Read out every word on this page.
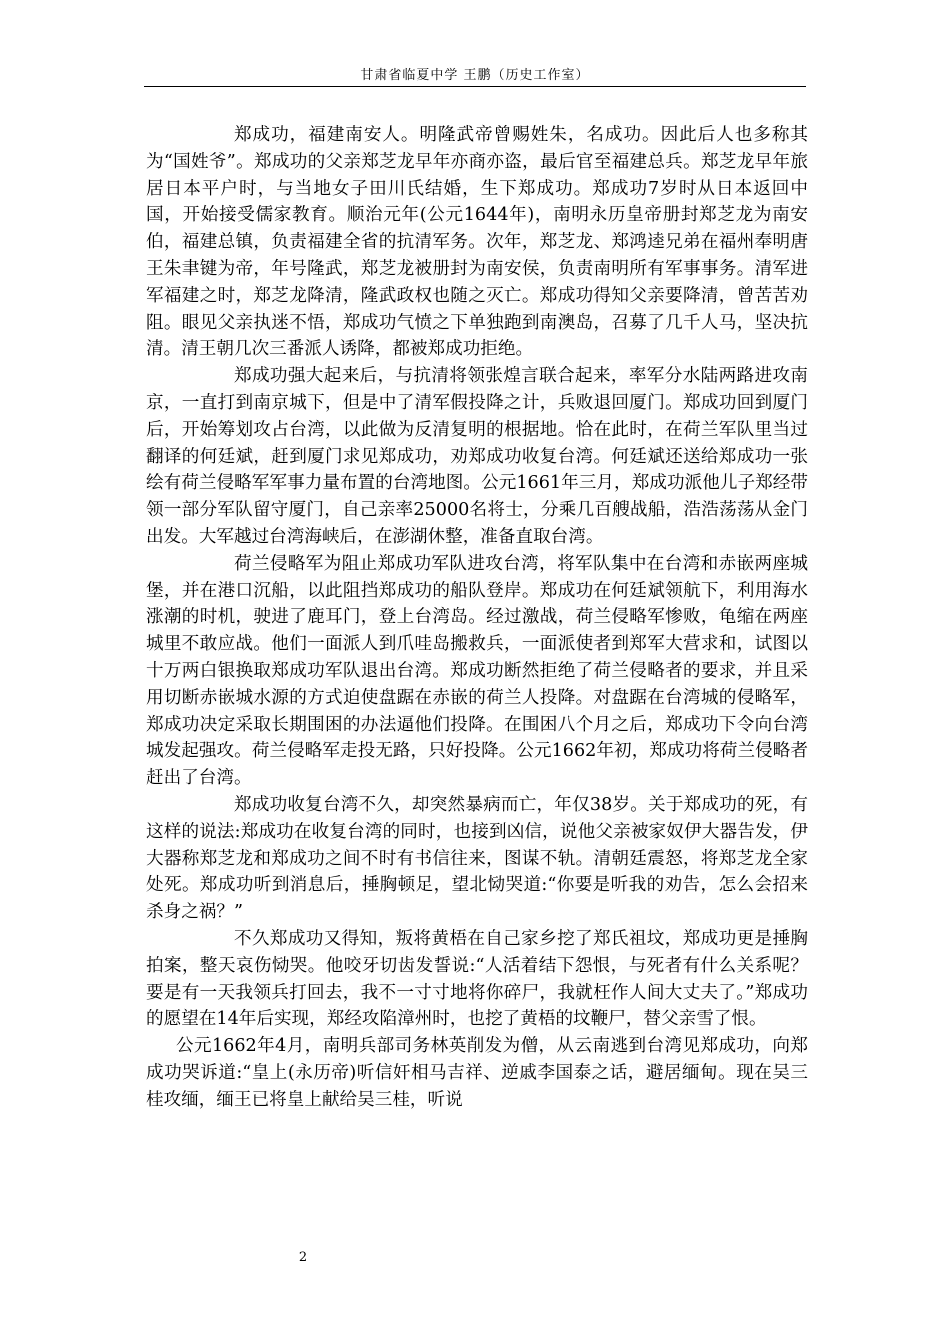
甘肃省临夏中学 王鹏（历史工作室）

郑成功，福建南安人。明隆武帝曾赐姓朱，名成功。因此后人也多称其为“国姓爷”。郑成功的父亲郑芝龙早年亦商亦盗，最后官至福建总兵。郑芝龙早年旅居日本平户时，与当地女子田川氏结婚，生下郑成功。郑成功7岁时从日本返回中国，开始接受儒家教育。顺治元年(公元1644年)，南明永历皇帝册封郑芝龙为南安伯，福建总镇，负责福建全省的抗清军务。次年，郑芝龙、郑鸿逵兄弟在福州奉明唐王朱聿键为帝，年号隆武，郑芝龙被册封为南安侯，负责南明所有军事事务。清军进军福建之时，郑芝龙降清，隆武政权也随之灭亡。郑成功得知父亲要降清，曾苦苦劝阻。眼见父亲执迷不悟，郑成功气愤之下单独跑到南澳岛，召募了几千人马，坚决抗清。清王朝几次三番派人诱降，都被郑成功拒绝。

郑成功强大起来后，与抗清将领张煌言联合起来，率军分水陆两路进攻南京，一直打到南京城下，但是中了清军假投降之计，兵败退回厦门。郑成功回到厦门后，开始筹划攻占台湾，以此做为反清复明的根据地。恰在此时，在荷兰军队里当过翻译的何廷斌，赶到厦门求见郑成功，劝郑成功收复台湾。何廷斌还送给郑成功一张绘有荷兰侵略军军事力量布置的台湾地图。公元1661年三月，郑成功派他儿子郑经带领一部分军队留守厦门，自己亲率25000名将士，分乘几百艘战船，浩浩荡荡从金门出发。大军越过台湾海峡后，在澎湖休整，准备直取台湾。

荷兰侵略军为阻止郑成功军队进攻台湾，将军队集中在台湾和赤嵌两座城堡，并在港口沉船，以此阻挡郑成功的船队登岸。郑成功在何廷斌领航下，利用海水涨潮的时机，驶进了鹿耳门，登上台湾岛。经过激战，荷兰侵略军惨败，龟缩在两座城里不敢应战。他们一面派人到爪哇岛搬救兵，一面派使者到郑军大营求和，试图以十万两白银换取郑成功军队退出台湾。郑成功断然拒绝了荷兰侵略者的要求，并且采用切断赤嵌城水源的方式迫使盘踞在赤嵌的荷兰人投降。对盘踞在台湾城的侵略军，郑成功决定采取长期围困的办法逼他们投降。在围困八个月之后，郑成功下令向台湾城发起强攻。荷兰侵略军走投无路，只好投降。公元1662年初，郑成功将荷兰侵略者赶出了台湾。

郑成功收复台湾不久，却突然暴病而亡，年仅38岁。关于郑成功的死，有这样的说法:郑成功在收复台湾的同时，也接到凶信，说他父亲被家奴伊大器告发，伊大器称郑芝龙和郑成功之间不时有书信往来，图谋不轨。清朝廷震怒，将郑芝龙全家处死。郑成功听到消息后，捶胸顿足，望北恸哭道:“你要是听我的劝告，怎么会招来杀身之祸？”

不久郑成功又得知，叛将黄梧在自己家乡挖了郑氏祖坟，郑成功更是捶胸拍案，整天哀伤恸哭。他咬牙切齿发誓说:“人活着结下怨恨，与死者有什么关系呢？要是有一天我领兵打回去，我不一寸寸地将你碎尸，我就枉作人间大丈夫了。”郑成功的愿望在14年后实现，郑经攻陷漳州时，也挖了黄梧的坟鞭尸，替父亲雪了恨。

公元1662年4月，南明兵部司务林英削发为僧，从云南逃到台湾见郑成功，向郑成功哭诉道:“皇上(永历帝)听信奸相马吉祥、逆戚李国泰之话，避居缅甸。现在吴三桂攻缅，缅王已将皇上献给吴三桂，听说

2
